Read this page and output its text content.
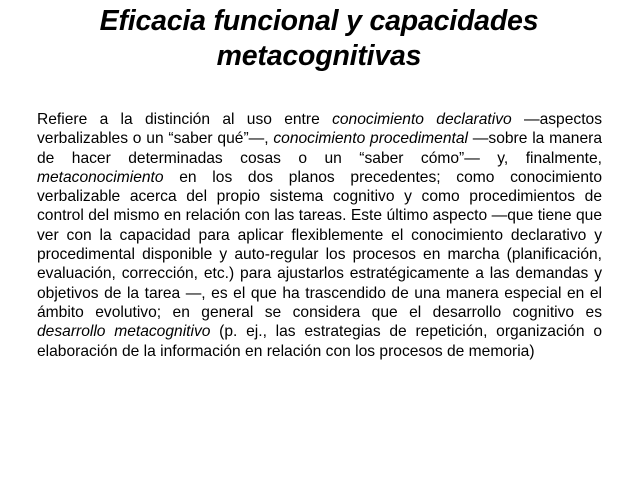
Eficacia funcional y capacidades
metacognitivas

Refiere a la distinción al uso entre conocimiento declarativo —aspectos verbalizables o un “saber qué”—, conocimiento procedimental —sobre la manera de hacer determinadas cosas o un “saber cómo”— y, finalmente, metaconocimiento en los dos planos precedentes; como conocimiento verbalizable acerca del propio sistema cognitivo y como procedimientos de control del mismo en relación con las tareas. Este último aspecto —que tiene que ver con la capacidad para aplicar flexiblemente el conocimiento declarativo y procedimental disponible y auto-regular los procesos en marcha (planificación, evaluación, corrección, etc.) para ajustarlos estratégicamente a las demandas y objetivos de la tarea —, es el que ha trascendido de una manera especial en el ámbito evolutivo; en general se considera que el desarrollo cognitivo es desarrollo metacognitivo (p. ej., las estrategias de repetición, organización o elaboración de la información en relación con los procesos de memoria)
